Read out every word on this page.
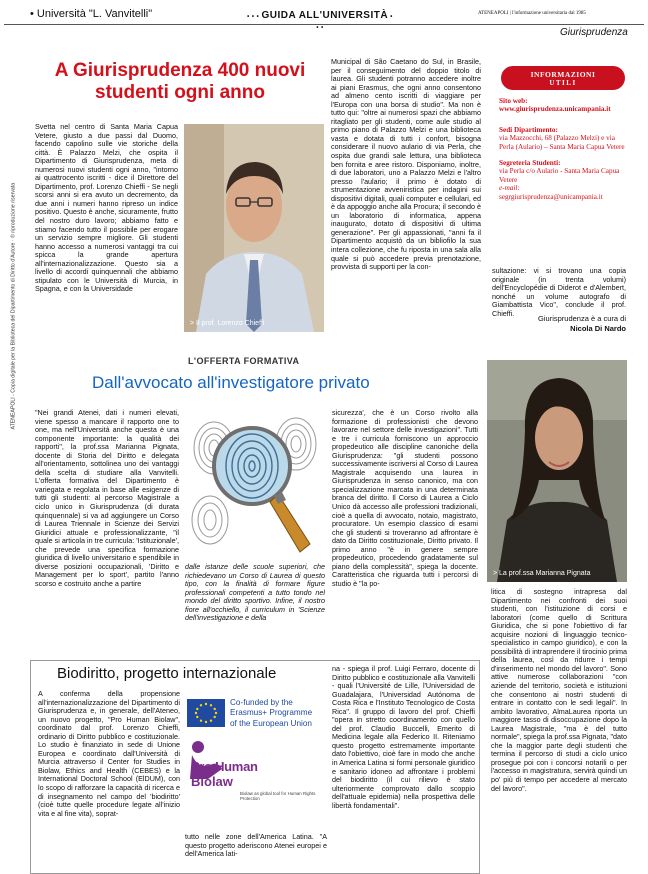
• Università "L. Vanvitelli"	• • • GUIDA ALL'UNIVERSITÀ • • •
ATENEAPOLI | l'informazione universitaria dal 1985
Giurisprudenza
ATENEAPOLI - Copia digitale per la Biblioteca del Dipartimento di Diritto d'Autore · © riproduzione riservata
A Giurisprudenza 400 nuovi studenti ogni anno

Svetta nel centro di Santa Maria Capua Vetere, giusto a due passi dal Duomo, facendo capolino sulle vie storiche della città. È Palazzo Melzi, che ospita il Dipartimento di Giurisprudenza, meta di numerosi nuovi studenti ogni anno, "intorno ai quattrocento iscritti - dice il Direttore del Dipartimento, prof. Lorenzo Chieffi - Se negli scorsi anni si era avuto un decremento, da due anni i numeri hanno ripreso un indice positivo. Questo è anche, sicuramente, frutto del nostro duro lavoro; abbiamo fatto e stiamo facendo tutto il possibile per erogare un servizio sempre migliore. Gli studenti hanno accesso a numerosi vantaggi tra cui spicca la grande apertura all'internazionalizzazione. Questo sia a livello di accordi quinquennali che abbiamo stipulato con le Università di Murcia, in Spagna, e con la Universidade

> Il prof. Lorenzo Chieffi

Municipal di São Caetano do Sul, in Brasile, per il conseguimento del doppio titolo di laurea. Gli studenti potranno accedere inoltre ai piani Erasmus, che ogni anno consentono ad almeno cento iscritti di viaggiare per l'Europa con una borsa di studio". Ma non è tutto qui: "oltre ai numerosi spazi che abbiamo ritagliato per gli studenti, come aule studio al primo piano di Palazzo Melzi e una biblioteca vasta e dotata di tutti i confort, bisogna considerare il nuovo aulario di via Perla, che ospita due grandi sale lettura, una biblioteca ben fornita e aree ristoro. Disponiamo, inoltre, di due laboratori, uno a Palazzo Melzi e l'altro presso l'aulario; il primo è dotato di strumentazione avveniristica per indagini sui dispositivi digitali, quali computer e cellulari, ed è da appoggio anche alla Procura; il secondo è un laboratorio di informatica, appena inaugurato, dotato di dispositivi di ultima generazione". Per gli appassionati, "anni fa il Dipartimento acquistò da un bibliofilo la sua intera collezione, che fu riposta in una sala alla quale si può accedere previa prenotazione, provvista di supporti per la con-

INFORMAZIONI
UTILI
Sito web:
www.giurisprudenza.unicampania.it
Sedi Dipartimento:
via Mazzocchi, 68 (Palazzo Melzi) e via Perla (Aulario) – Santa Maria Capua Vetere
Segreteria Studenti:
via Perla c/o Aulario - Santa Maria Capua Vetere
e-mail:
segrgiurisprudenza@unicampania.it

sultazione: vi si trovano una copia originale (in trenta volumi) dell'Encyclopédie di Diderot e d'Alembert, nonché un volume autografo di Giambattista Vico", conclude il prof. Chieffi.

Giurisprudenza è a cura di
Nicola Di Nardo
L'OFFERTA FORMATIVA
Dall'avvocato all'investigatore privato

"Nei grandi Atenei, dati i numeri elevati, viene spesso a mancare il rapporto one to one, ma nell'Università anche questa è una componente importante: la qualità dei rapporti", la prof.ssa Marianna Pignata, docente di Storia del Diritto e delegata all'orientamento, sottolinea uno dei vantaggi della scelta di studiare alla Vanvitelli. L'offerta formativa del Dipartimento è variegata e regolata in base alle esigenze di tutti gli studenti: al percorso Magistrale a ciclo unico in Giurisprudenza (di durata quinquennale) si va ad aggiungere un Corso di Laurea Triennale in Scienze dei Servizi Giuridici attuale e professionalizzante, "il quale si articola in tre curricula: 'Istituzionale', che prevede una specifica formazione giuridica di livello universitario e spendibile in diverse posizioni occupazionali, 'Diritto e Management per lo sport', partito l'anno scorso e costruito anche a partire

dalle istanze delle scuole superiori, che richiedevano un Corso di Laurea di questo tipo, con la finalità di formare figure professionali competenti a tutto tondo nel mondo del diritto sportivo. Infine, il nostro fiore all'occhiello, il curriculum in 'Scienze dell'investigazione e della

sicurezza', che è un Corso rivolto alla formazione di professionisti che devono lavorare nel settore delle investigazioni". Tutti e tre i curricula forniscono un approccio propedeutico alle discipline canoniche della Giurisprudenza: "gli studenti possono successivamente iscriversi al Corso di Laurea Magistrale acquisendo una laurea in Giurisprudenza in senso canonico, ma con specializzazione marcata in una determinata branca del diritto. Il Corso di Laurea a Ciclo Unico dà accesso alle professioni tradizionali, cioè a quella di avvocato, notaio, magistrato, procuratore. Un esempio classico di esami che gli studenti si troveranno ad affrontare è dato da Diritto costituzionale, Diritto privato. Il primo anno "è in genere sempre propedeutico, procedendo gradatamente sul piano della complessità", spiega la docente. Caratteristica che riguarda tutti i percorsi di studio è "la po-

> La prof.ssa Marianna Pignata

litica di sostegno intrapresa dal Dipartimento nei confronti dei suoi studenti, con l'istituzione di corsi e laboratori (come quello di Scrittura Giuridica, che si pone l'obiettivo di far acquisire nozioni di linguaggio tecnico-specialistico in campo giuridico), e con la possibilità di intraprendere il tirocinio prima della laurea, così da ridurre i tempi d'inserimento nel mondo del lavoro". Sono attive numerose collaborazioni "con aziende del territorio, società e istituzioni che consentono ai nostri studenti di entrare in contatto con le sedi legali". In ambito lavorativo, AlmaLaurea riporta un maggiore tasso di disoccupazione dopo la Laurea Magistrale, "ma è del tutto normale", spiega la prof.ssa Pignata, "dato che la maggior parte degli studenti che termina il percorso di studi a ciclo unico prosegue poi con i concorsi notarili o per l'accesso in magistratura, servirà quindi un po' più di tempo per accedere al mercato del lavoro".

Biodiritto, progetto internazionale

A conferma della propensione all'internazionalizzazione del Dipartimento di Giurisprudenza e, in generale, dell'Ateneo, un nuovo progetto, "Pro Human Biolaw", coordinato dal prof. Lorenzo Chieffi, ordinario di Diritto pubblico e costituzionale. Lo studio è finanziato in sede di Unione Europea e coordinato dall'Università di Murcia attraverso il Center for Studies in Biolaw, Ethics and Health (CEBES) e la International Doctoral School (ElDUM), con lo scopo di rafforzare la capacità di ricerca e di insegnamento nel campo del 'biodiritto' (cioè tutte quelle procedure legate all'inizio vita e al fine vita), soprat-

Co-funded by the
Erasmus+ Programme
of the European Union
Pro Human
Biolaw
Biolaw as global tool for Human Rights Protection

tutto nelle zone dell'America Latina. "A questo progetto aderiscono Atenei europei e dell'America lati-

na - spiega il prof. Luigi Ferraro, docente di Diritto pubblico e costituzionale alla Vanvitelli - quali l'Université de Lille, l'Universidad de Guadalajara, l'Universidad Autónoma de Costa Rica e l'Instituto Tecnologico de Costa Rica". Il gruppo di lavoro del prof. Chieffi "opera in stretto coordinamento con quello del prof. Claudio Buccelli, Emerito di Medicina legale alla Federico II. Riteniamo questo progetto estremamente importante dato l'obiettivo, cioè fare in modo che anche in America Latina si formi personale giuridico e sanitario idoneo ad affrontare i problemi del biodiritto (il cui rilievo è stato ulteriormente comprovato dallo scoppio dell'attuale epidemia) nella prospettiva delle libertà fondamentali".
